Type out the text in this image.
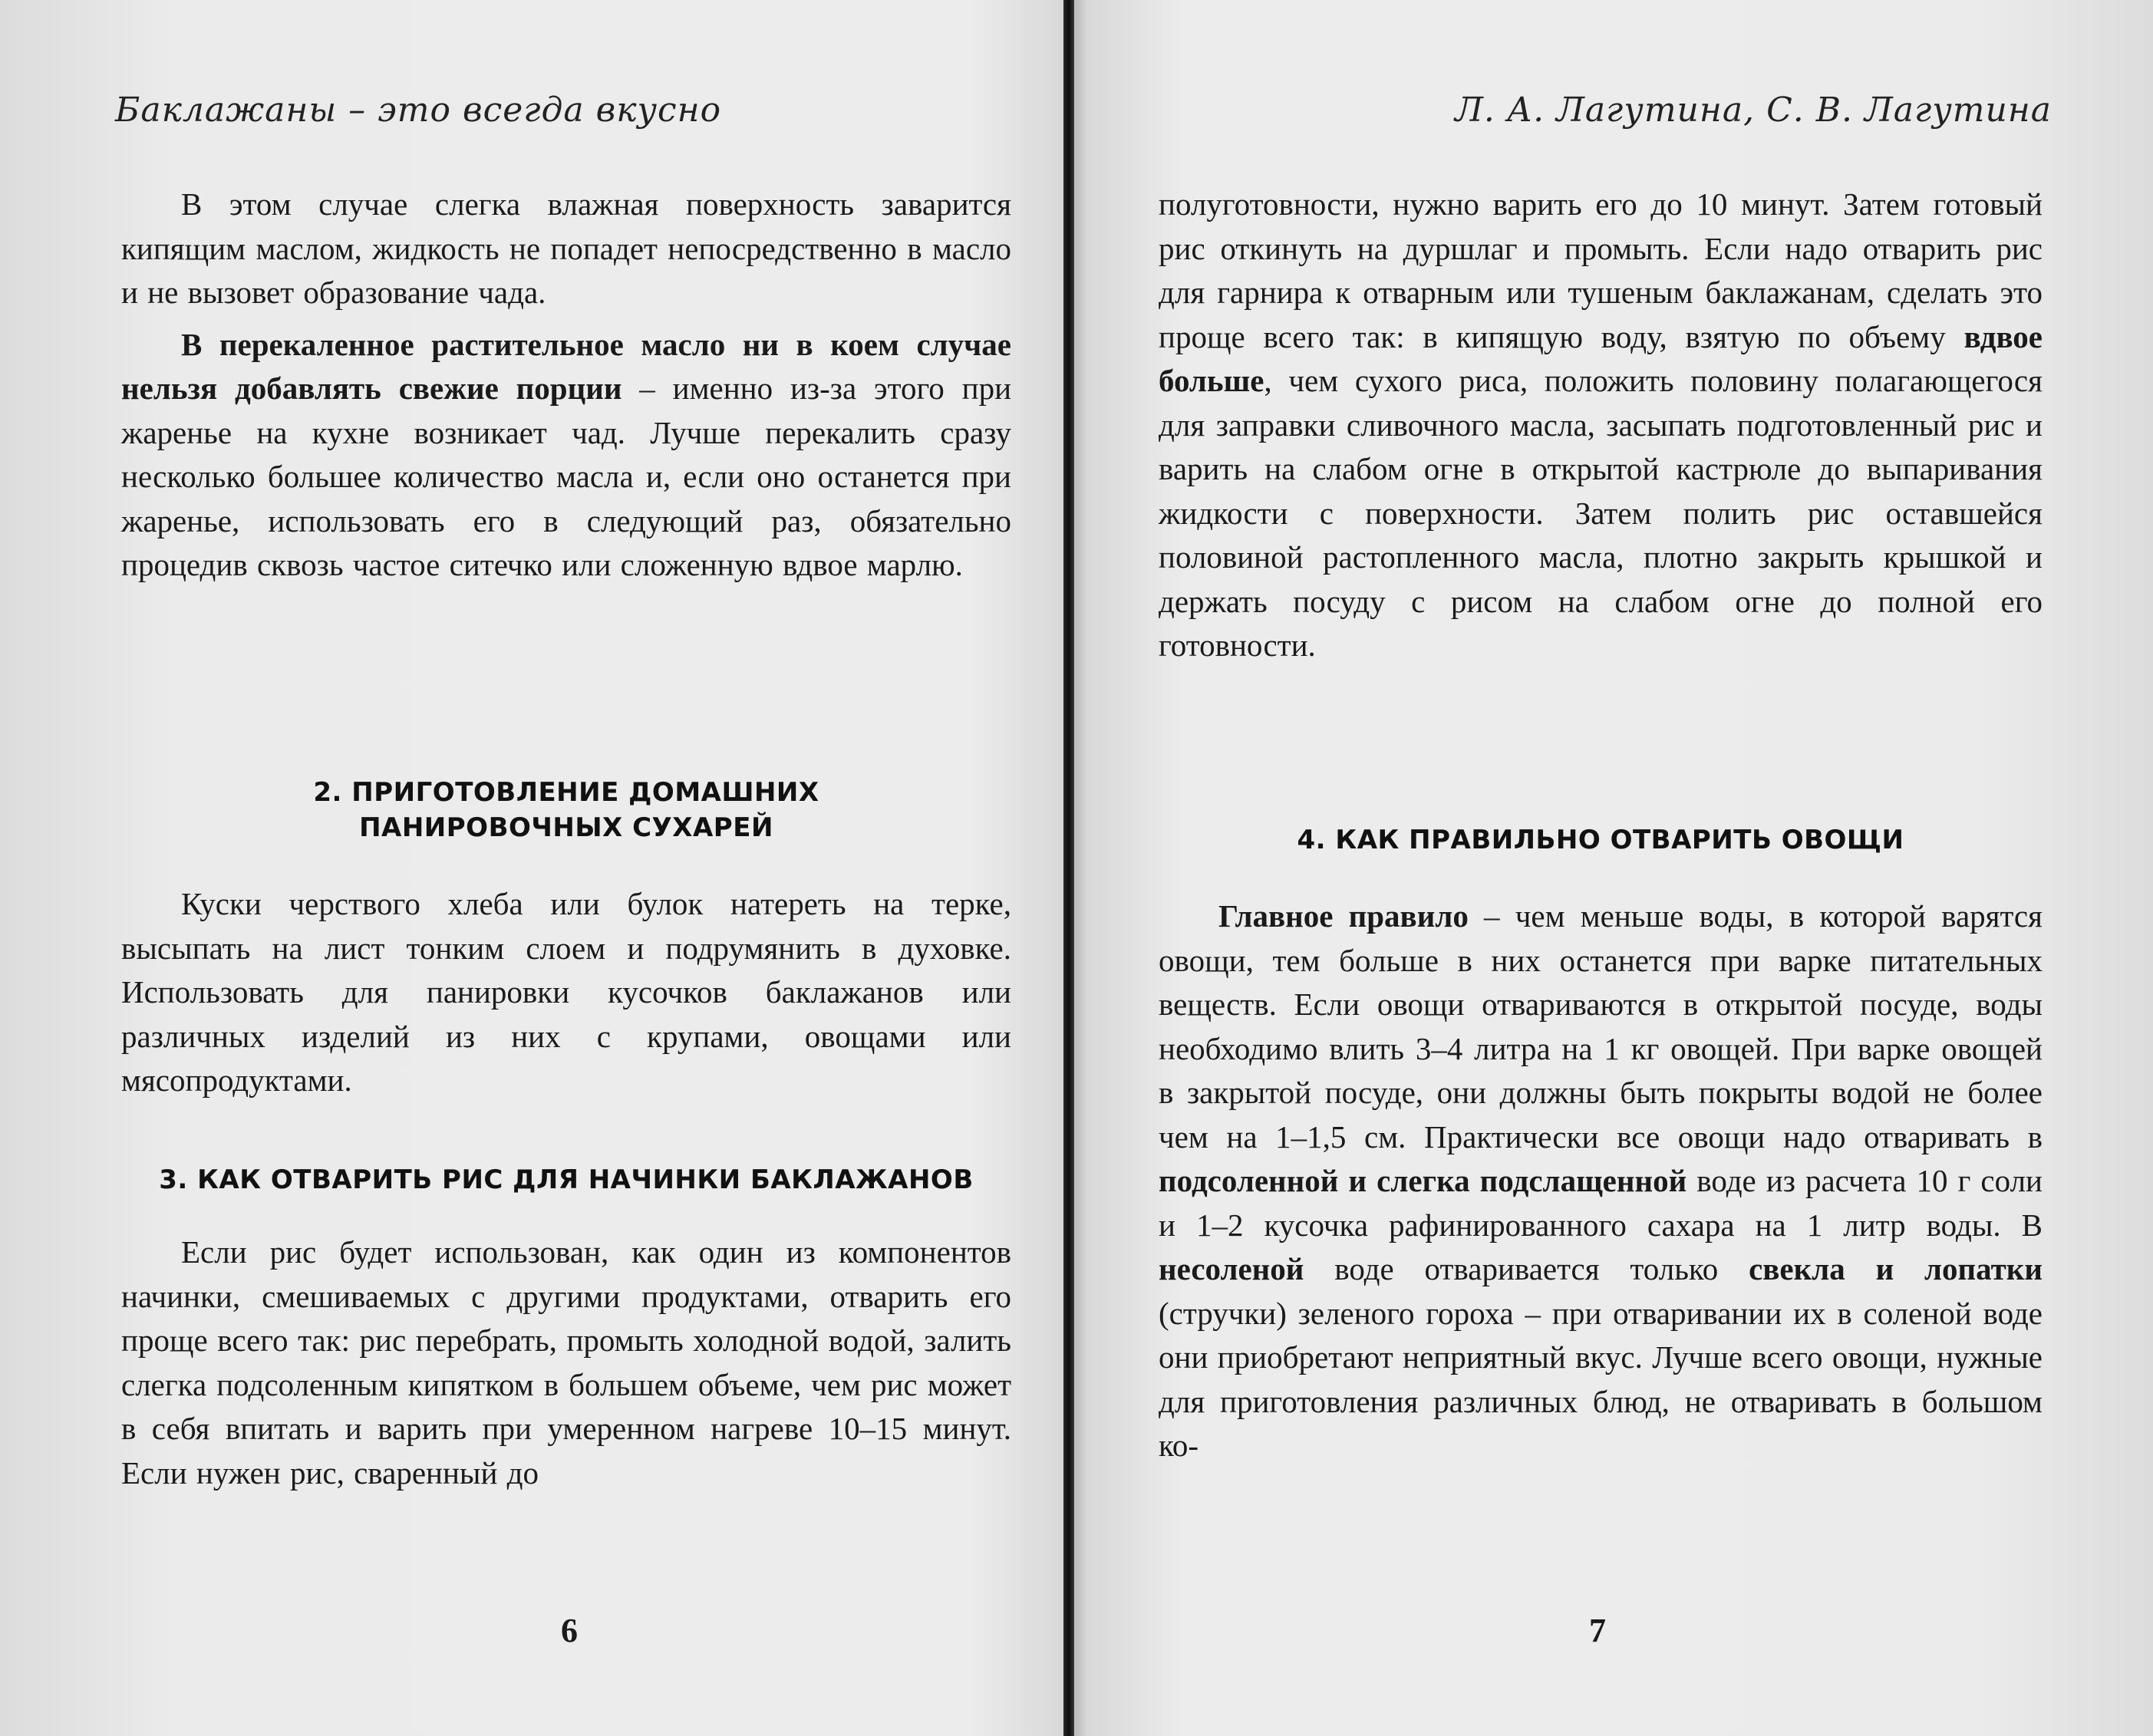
Баклажаны – это всегда вкусно

В этом случае слегка влажная поверхность заварится кипящим маслом, жидкость не попадет непосредственно в масло и не вызовет образование чада.

В перекаленное растительное масло ни в коем случае нельзя добавлять свежие порции – именно из-за этого при жаренье на кухне возникает чад. Лучше перекалить сразу несколько большее количество масла и, если оно останется при жаренье, использовать его в следующий раз, обязательно процедив сквозь частое ситечко или сложенную вдвое марлю.

2. ПРИГОТОВЛЕНИЕ ДОМАШНИХ
ПАНИРОВОЧНЫХ СУХАРЕЙ

Куски черствого хлеба или булок натереть на терке, высыпать на лист тонким слоем и подрумянить в духовке. Использовать для панировки кусочков баклажанов или различных изделий из них с крупами, овощами или мясопродуктами.

3. КАК ОТВАРИТЬ РИС ДЛЯ НАЧИНКИ БАКЛАЖАНОВ

Если рис будет использован, как один из компонентов начинки, смешиваемых с другими продуктами, отварить его проще всего так: рис перебрать, промыть холодной водой, залить слегка подсоленным кипятком в большем объеме, чем рис может в себя впитать и варить при умеренном нагреве 10–15 минут. Если нужен рис, сваренный до

6
Л. А. Лагутина, С. В. Лагутина

полуготовности, нужно варить его до 10 минут. Затем готовый рис откинуть на дуршлаг и промыть. Если надо отварить рис для гарнира к отварным или тушеным баклажанам, сделать это проще всего так: в кипящую воду, взятую по объему вдвое больше, чем сухого риса, положить половину полагающегося для заправки сливочного масла, засыпать подготовленный рис и варить на слабом огне в открытой кастрюле до выпаривания жидкости с поверхности. Затем полить рис оставшейся половиной растопленного масла, плотно закрыть крышкой и держать посуду с рисом на слабом огне до полной его готовности.

4. КАК ПРАВИЛЬНО ОТВАРИТЬ ОВОЩИ

Главное правило – чем меньше воды, в которой варятся овощи, тем больше в них останется при варке питательных веществ. Если овощи отвариваются в открытой посуде, воды необходимо влить 3–4 литра на 1 кг овощей. При варке овощей в закрытой посуде, они должны быть покрыты водой не более чем на 1–1,5 см. Практически все овощи надо отваривать в подсоленной и слегка подслащенной воде из расчета 10 г соли и 1–2 кусочка рафинированного сахара на 1 литр воды. В несоленой воде отваривается только свекла и лопатки (стручки) зеленого гороха – при отваривании их в соленой воде они приобретают неприятный вкус. Лучше всего овощи, нужные для приготовления различных блюд, не отваривать в большом ко-

7
